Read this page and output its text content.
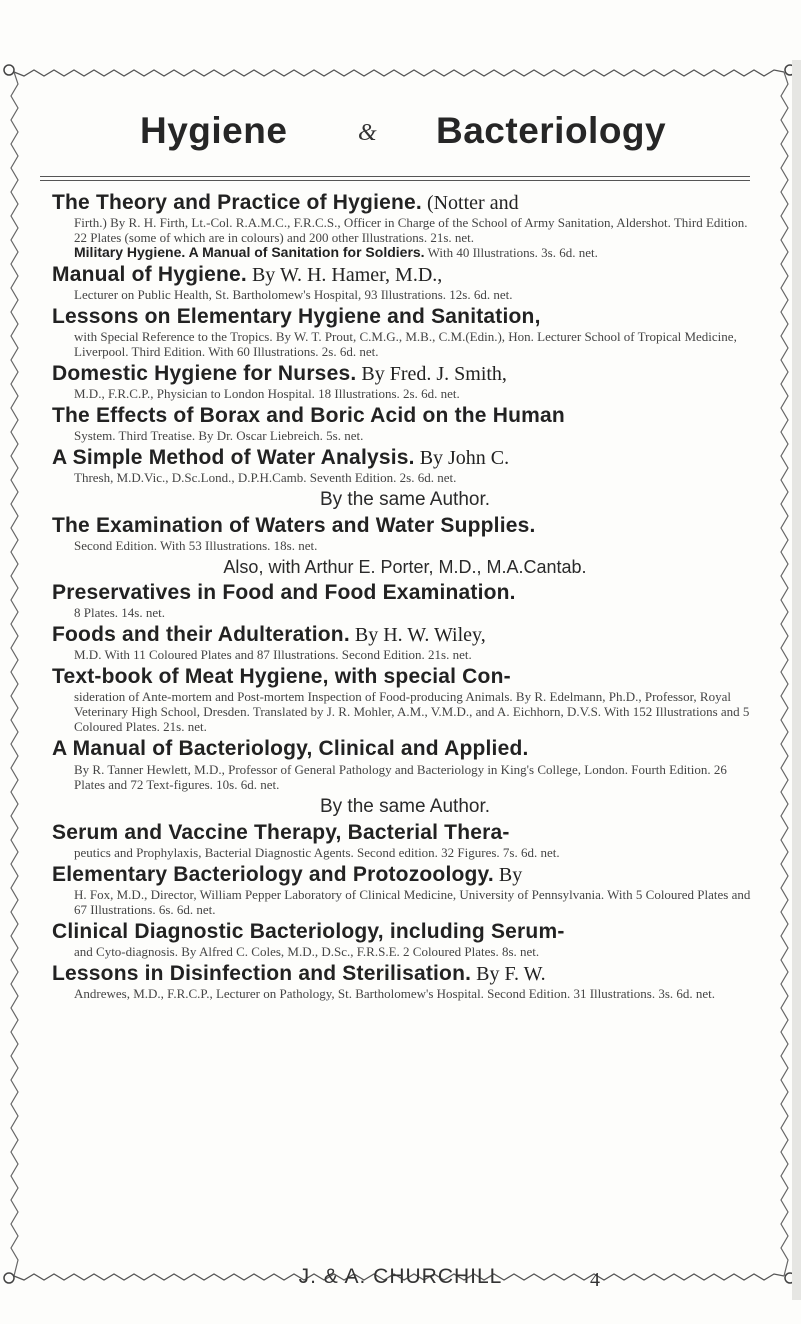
Hygiene	& Bacteriology
The Theory and Practice of Hygiene. (Notter and
Firth.) By R. H. Firth, Lt.-Col. R.A.M.C., F.R.C.S., Officer in Charge of the School of Army Sanitation, Aldershot. Third Edition. 22 Plates (some of which are in colours) and 200 other Illustrations. 21s. net.
Military Hygiene. A Manual of Sanitation for Soldiers. With 40 Illustrations. 3s. 6d. net.
Manual of Hygiene. By W. H. Hamer, M.D.,
Lecturer on Public Health, St. Bartholomew's Hospital, 93 Illustrations. 12s. 6d. net.
Lessons on Elementary Hygiene and Sanitation,
with Special Reference to the Tropics. By W. T. Prout, C.M.G., M.B., C.M.(Edin.), Hon. Lecturer School of Tropical Medicine, Liverpool. Third Edition. With 60 Illustrations. 2s. 6d. net.
Domestic Hygiene for Nurses. By Fred. J. Smith,
M.D., F.R.C.P., Physician to London Hospital. 18 Illustrations. 2s. 6d. net.
The Effects of Borax and Boric Acid on the Human
System. Third Treatise. By Dr. Oscar Liebreich. 5s. net.
A Simple Method of Water Analysis. By John C.
Thresh, M.D.Vic., D.Sc.Lond., D.P.H.Camb. Seventh Edition. 2s. 6d. net.
By the same Author.
The Examination of Waters and Water Supplies.
Second Edition. With 53 Illustrations. 18s. net.
Also, with Arthur E. Porter, M.D., M.A.Cantab.
Preservatives in Food and Food Examination.
8 Plates. 14s. net.
Foods and their Adulteration. By H. W. Wiley,
M.D. With 11 Coloured Plates and 87 Illustrations. Second Edition. 21s. net.
Text-book of Meat Hygiene, with special Con-
sideration of Ante-mortem and Post-mortem Inspection of Food-producing Animals. By R. Edelmann, Ph.D., Professor, Royal Veterinary High School, Dresden. Translated by J. R. Mohler, A.M., V.M.D., and A. Eichhorn, D.V.S. With 152 Illustrations and 5 Coloured Plates. 21s. net.
A Manual of Bacteriology, Clinical and Applied.
By R. Tanner Hewlett, M.D., Professor of General Pathology and Bacteriology in King's College, London. Fourth Edition. 26 Plates and 72 Text-figures. 10s. 6d. net.
By the same Author.
Serum and Vaccine Therapy, Bacterial Thera-
peutics and Prophylaxis, Bacterial Diagnostic Agents. Second edition. 32 Figures. 7s. 6d. net.
Elementary Bacteriology and Protozoology. By
H. Fox, M.D., Director, William Pepper Laboratory of Clinical Medicine, University of Pennsylvania. With 5 Coloured Plates and 67 Illustrations. 6s. 6d. net.
Clinical Diagnostic Bacteriology, including Serum-
and Cyto-diagnosis. By Alfred C. Coles, M.D., D.Sc., F.R.S.E. 2 Coloured Plates. 8s. net.
Lessons in Disinfection and Sterilisation. By F. W.
Andrewes, M.D., F.R.C.P., Lecturer on Pathology, St. Bartholomew's Hospital. Second Edition. 31 Illustrations. 3s. 6d. net.
J. & A. CHURCHILL	4
